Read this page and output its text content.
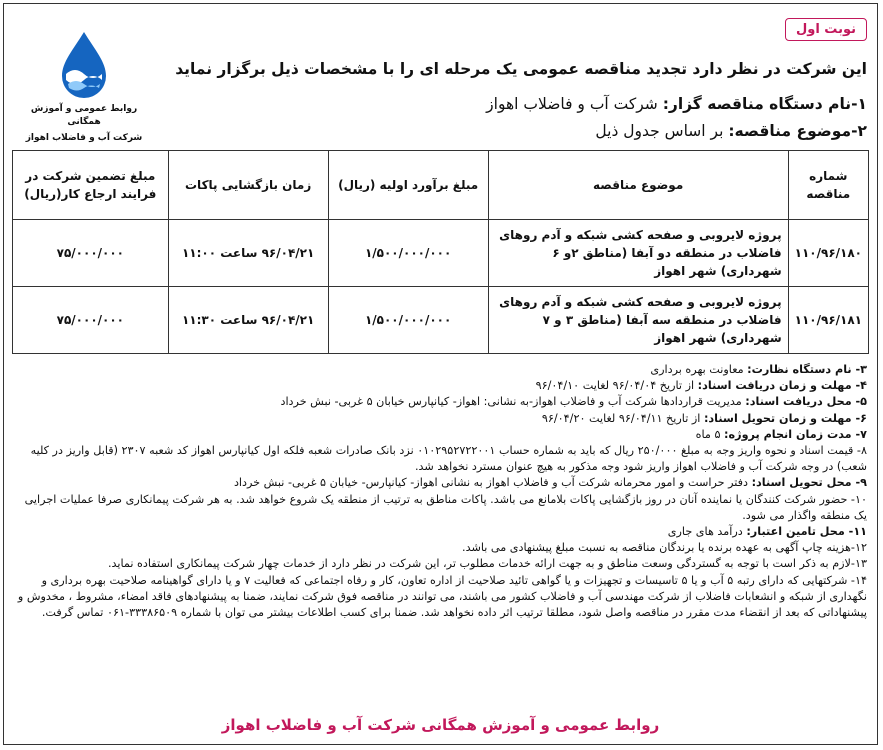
نوبت اول
روابط عمومی و آموزش همگانی
شرکت آب و فاضلاب اهواز
این شرکت در نظر دارد تجدید مناقصه عمومی یک مرحله ای را با مشخصات ذیل برگزار نماید
۱-نام دستگاه مناقصه گزار: شرکت آب و فاضلاب اهواز
۲-موضوع مناقصه: بر اساس جدول ذیل
شماره مناقصه	موضوع مناقصه	مبلغ برآورد اولیه (ریال)	زمان بازگشایی پاکات	مبلغ تضمین شرکت در فرایند ارجاع کار(ریال)
۱۱۰/۹۶/۱۸۰	پروژه لایروبی و صفحه کشی شبکه و آدم روهای فاضلاب در منطقه دو آبفا (مناطق ۲و ۶ شهرداری) شهر اهواز	۱/۵۰۰/۰۰۰/۰۰۰	۹۶/۰۴/۲۱ ساعت ۱۱:۰۰	۷۵/۰۰۰/۰۰۰
۱۱۰/۹۶/۱۸۱	پروژه لایروبی و صفحه کشی شبکه و آدم روهای فاضلاب در منطقه سه آبفا (مناطق ۳ و ۷ شهرداری) شهر اهواز	۱/۵۰۰/۰۰۰/۰۰۰	۹۶/۰۴/۲۱ ساعت ۱۱:۳۰	۷۵/۰۰۰/۰۰۰

۳- نام دستگاه نظارت: معاونت بهره برداری

۴- مهلت و زمان دریافت اسناد: از تاریخ ۹۶/۰۴/۰۴ لغایت ۹۶/۰۴/۱۰

۵- محل دریافت اسناد: مدیریت قراردادها شرکت آب و فاضلاب اهواز-به نشانی: اهواز- کیانپارس خیابان ۵ غربی- نبش خرداد

۶- مهلت و زمان تحویل اسناد: از تاریخ ۹۶/۰۴/۱۱ لغایت ۹۶/۰۴/۲۰

۷- مدت زمان انجام پروژه: ۵ ماه

۸- قیمت اسناد و نحوه واریز وجه به مبلغ ۲۵۰/۰۰۰ ریال که باید به شماره حساب ۰۱۰۲۹۵۲۷۲۲۰۰۱ نزد بانک صادرات شعبه فلکه اول کیانپارس اهواز کد شعبه ۲۳۰۷ (قابل واریز در کلیه شعب) در وجه شرکت آب و فاضلاب اهواز واریز شود وجه مذکور به هیچ عنوان مسترد نخواهد شد.

۹- محل تحویل اسناد: دفتر حراست و امور محرمانه شرکت آب و فاضلاب اهواز به نشانی اهواز- کیانپارس- خیابان ۵ غربی- نبش خرداد

۱۰- حضور شرکت کنندگان یا نماینده آنان در روز بازگشایی پاکات بلامانع می باشد. پاکات مناطق به ترتیب از منطقه یک شروع خواهد شد. به هر شرکت پیمانکاری صرفا عملیات اجرایی یک منطقه واگذار می شود.

۱۱- محل تامین اعتبار: درآمد های جاری

۱۲-هزینه چاپ آگهی به عهده برنده یا برندگان مناقصه به نسبت مبلغ پیشنهادی می باشد.

۱۳-لازم به ذکر است با توجه به گستردگی وسعت مناطق و به جهت ارائه خدمات مطلوب تر، این شرکت در نظر دارد از خدمات چهار شرکت پیمانکاری استفاده نماید.

۱۴- شرکتهایی که دارای رتبه ۵ آب و یا ۵ تاسیسات و تجهیزات و یا گواهی تائید صلاحیت از اداره تعاون، کار و رفاه اجتماعی که فعالیت ۷ و یا دارای گواهینامه صلاحیت بهره برداری و نگهداری از شبکه و انشعابات فاضلاب از شرکت مهندسی آب و فاضلاب کشور می باشند، می توانند در مناقصه فوق شرکت نمایند، ضمنا به پیشنهادهای فاقد امضاء، مشروط ، مخدوش و پیشنهاداتی که بعد از انقضاء مدت مقرر در مناقصه واصل شود، مطلقا ترتیب اثر داده نخواهد شد. ضمنا برای کسب اطلاعات بیشتر می توان با شماره ۳۳۳۸۶۵۰۹-۰۶۱ تماس گرفت.

روابط عمومی و آموزش همگانی شرکت آب و فاضلاب اهواز
